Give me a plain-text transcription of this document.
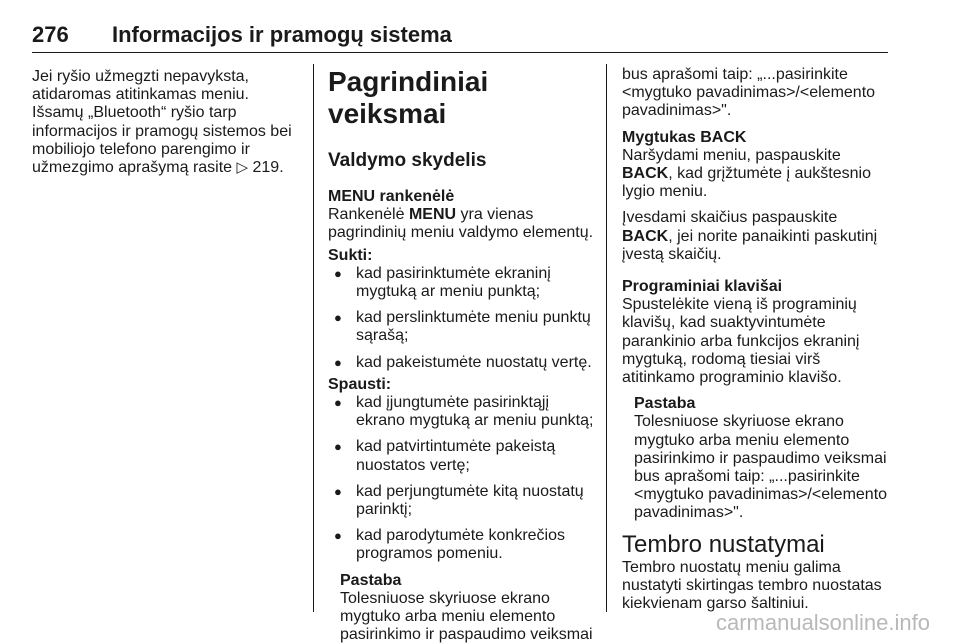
276 Informacijos ir pramogų sistema

Jei ryšio užmegzti nepavyksta,

atidaromas atitinkamas meniu.

Išsamų „Bluetooth“ ryšio tarp

informacijos ir pramogų sistemos bei

mobiliojo telefono parengimo ir

užmezgimo aprašymą rasite ▷ 219.

Pagrindiniai veiksmai
Valdymo skydelis
MENU rankenėlė

Rankenėlė MENU yra vienas

pagrindinių meniu valdymo elementų.

Sukti:

● kad pasirinktumėte ekraninį
mygtuką ar meniu punktą;
● kad perslinktumėte meniu punktų
sąrašą;
● kad pakeistumėte nuostatų vertę.

Spausti:

● kad įjungtumėte pasirinktąjį
ekrano mygtuką ar meniu punktą;
● kad patvirtintumėte pakeistą
nuostatos vertę;
● kad perjungtumėte kitą nuostatų
parinktį;
● kad parodytumėte konkrečios
programos pomeniu.

Pastaba

Tolesniuose skyriuose ekrano

mygtuko arba meniu elemento

pasirinkimo ir paspaudimo veiksmai

bus aprašomi taip: „...pasirinkite

<mygtuko pavadinimas>/<elemento

pavadinimas>".

Mygtukas BACK

Naršydami meniu, paspauskite

BACK, kad grįžtumėte į aukštesnio

lygio meniu.

Įvesdami skaičius paspauskite

BACK, jei norite panaikinti paskutinį

įvestą skaičių.

Programiniai klavišai

Spustelėkite vieną iš programinių

klavišų, kad suaktyvintumėte

parankinio arba funkcijos ekraninį

mygtuką, rodomą tiesiai virš

atitinkamo programinio klavišo.

Pastaba

Tolesniuose skyriuose ekrano

mygtuko arba meniu elemento

pasirinkimo ir paspaudimo veiksmai

bus aprašomi taip: „...pasirinkite

<mygtuko pavadinimas>/<elemento

pavadinimas>".

Tembro nustatymai

Tembro nuostatų meniu galima

nustatyti skirtingas tembro nuostatas

kiekvienam garso šaltiniui.

carmanualsonline.info
